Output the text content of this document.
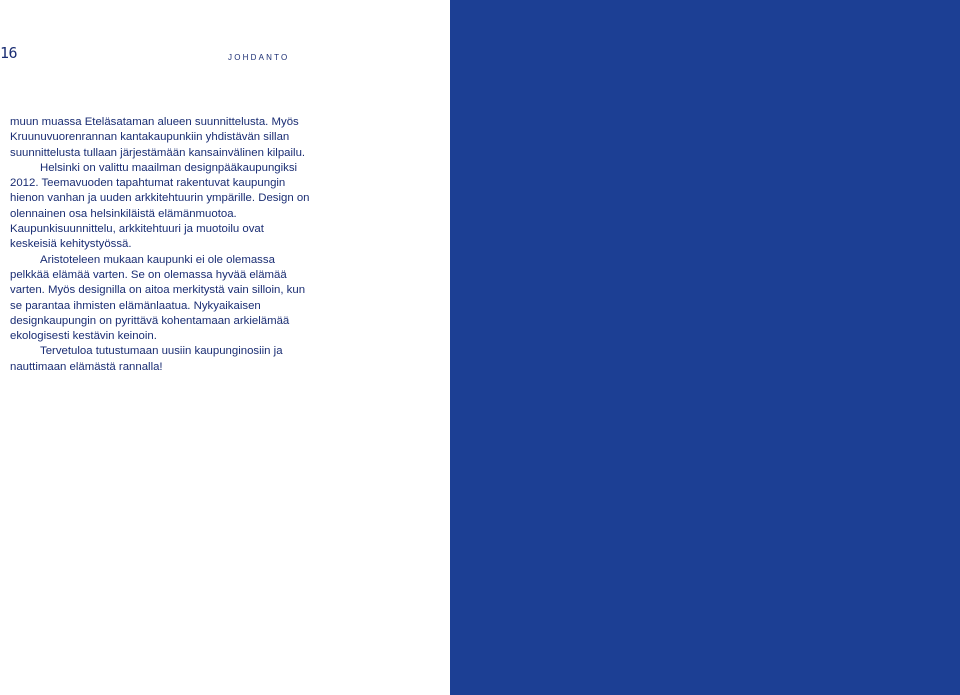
16	JOHDANTO

muun muassa Eteläsataman alueen suunnittelusta. Myös Kruunuvuorenrannan kantakaupunkiin yhdistävän sillan suunnittelusta tullaan järjestämään kansainvälinen kilpailu.

Helsinki on valittu maailman designpääkaupungiksi 2012. Teemavuoden tapahtumat rakentuvat kaupungin hienon vanhan ja uuden arkkitehtuurin ympärille. Design on olennainen osa helsinkiläistä elämänmuotoa. Kaupunkisuunnittelu, arkkitehtuuri ja muotoilu ovat keskeisiä kehitystyössä.

Aristoteleen mukaan kaupunki ei ole olemassa pelkkää elämää varten. Se on olemassa hyvää elämää varten. Myös designilla on aitoa merkitystä vain silloin, kun se parantaa ihmisten elämänlaatua. Nykyaikaisen designkaupungin on pyrittävä kohentamaan arkielämää ekologisesti kestävin keinoin.

Tervetuloa tutustumaan uusiin kaupunginosiin ja nauttimaan elämästä rannalla!
